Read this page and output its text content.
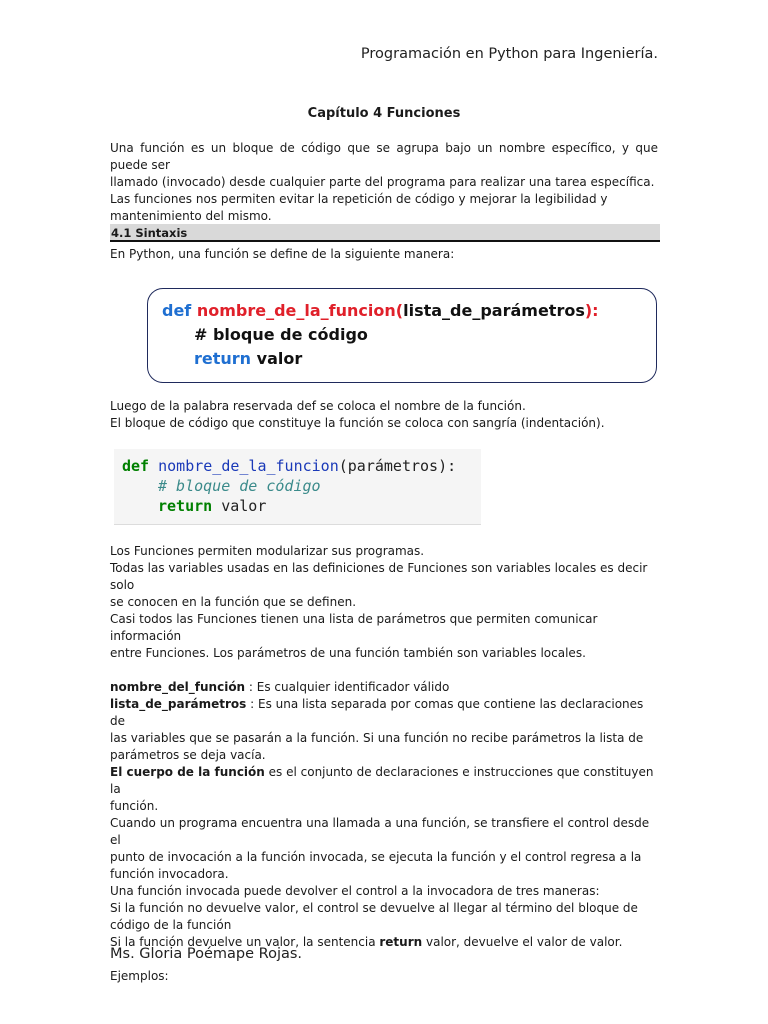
Programación en Python para Ingeniería.
Capítulo 4 Funciones
Una función es un bloque de código que se agrupa bajo un nombre específico, y que puede ser
llamado (invocado) desde cualquier parte del programa para realizar una tarea específica.
Las funciones nos permiten evitar la repetición de código y mejorar la legibilidad y
mantenimiento del mismo.
4.1 Sintaxis
En Python, una función se define de la siguiente manera:
def nombre_de_la_funcion(lista_de_parámetros):
# bloque de código
return valor
Luego de la palabra reservada def se coloca el nombre de la función.
El bloque de código que constituye la función se coloca con sangría (indentación).
def nombre_de_la_funcion(parámetros):
# bloque de código
return valor
Los Funciones permiten modularizar sus programas.
Todas las variables usadas en las definiciones de Funciones son variables locales es decir solo
se conocen en la función que se definen.
Casi todos las Funciones tienen una lista de parámetros que permiten comunicar información
entre Funciones. Los parámetros de una función también son variables locales.
nombre_del_función : Es cualquier identificador válido
lista_de_parámetros : Es una lista separada por comas que contiene las declaraciones de
las variables que se pasarán a la función. Si una función no recibe parámetros la lista de
parámetros se deja vacía.
El cuerpo de la función es el conjunto de declaraciones e instrucciones que constituyen la
función.
Cuando un programa encuentra una llamada a una función, se transfiere el control desde el
punto de invocación a la función invocada, se ejecuta la función y el control regresa a la
función invocadora.
Una función invocada puede devolver el control a la invocadora de tres maneras:
Si la función no devuelve valor, el control se devuelve al llegar al término del bloque de
código de la función
Si la función devuelve un valor, la sentencia return valor, devuelve el valor de valor.
Ejemplos:
Ms. Gloria Poémape Rojas.
